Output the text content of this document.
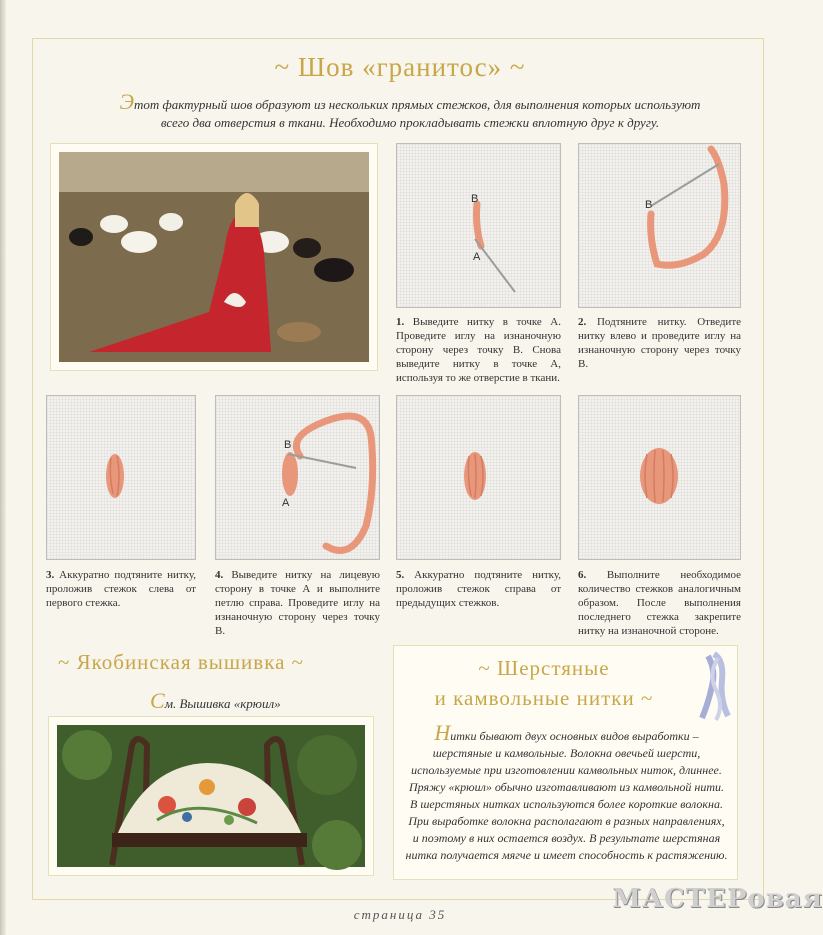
~ Шов «гранитос» ~
Этот фактурный шов образуют из нескольких прямых стежков, для выполнения которых используют всего два отверстия в ткани. Необходимо прокладывать стежки вплотную друг к другу.
B
A
1. Выведите нитку в точке А. Проведите иглу на изнаночную сторону через точку В. Снова выведите нитку в точке А, используя то же отверстие в ткани.
B
2. Подтяните нитку. Отведите нитку влево и проведите иглу на изнаночную сторону через точку В.
3. Аккуратно подтяните нитку, проложив стежок слева от первого стежка.
B
A
4. Выведите нитку на лицевую сторону в точке А и выполните петлю справа. Проведите иглу на изнаночную сторону через точку В.
5. Аккуратно подтяните нитку, проложив стежок справа от предыдущих стежков.
6. Выполните необходимое количество стежков аналогичным образом. После выполнения последнего стежка закрепите нитку на изнаночной стороне.
~ Якобинская вышивка ~
См. Вышивка «крюил»
~ Шерстяные
и камвольные нитки ~
Нитки бывают двух основных видов выработки – шерстяные и камвольные. Волокна овечьей шерсти, используемые при изготовлении камвольных ниток, длиннее. Пряжу «крюил» обычно изготавливают из камвольной нити. В шерстяных нитках используются более короткие волокна. При выработке волокна располагают в разных направлениях, и поэтому в них остается воздух. В результате шерстяная нитка получается мягче и имеет способность к растяжению.
страница 35
МАСТЕРовая
